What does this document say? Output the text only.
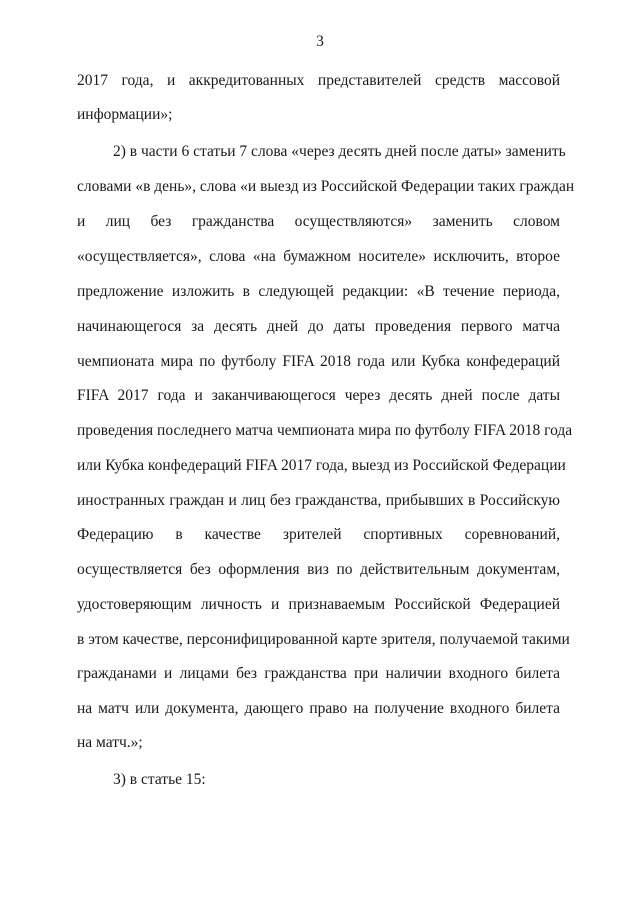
3
2017 года, и аккредитованных представителей средств массовой
информации»;
2) в части 6 статьи 7 слова «через десять дней после даты» заменить
словами «в день», слова «и выезд из Российской Федерации таких граждан
и лиц без гражданства осуществляются» заменить словом
«осуществляется», слова «на бумажном носителе» исключить, второе
предложение изложить в следующей редакции: «В течение периода,
начинающегося за десять дней до даты проведения первого матча
чемпионата мира по футболу FIFA 2018 года или Кубка конфедераций
FIFA 2017 года и заканчивающегося через десять дней после даты
проведения последнего матча чемпионата мира по футболу FIFA 2018 года
или Кубка конфедераций FIFA 2017 года, выезд из Российской Федерации
иностранных граждан и лиц без гражданства, прибывших в Российскую
Федерацию в качестве зрителей спортивных соревнований,
осуществляется без оформления виз по действительным документам,
удостоверяющим личность и признаваемым Российской Федерацией
в этом качестве, персонифицированной карте зрителя, получаемой такими
гражданами и лицами без гражданства при наличии входного билета
на матч или документа, дающего право на получение входного билета
на матч.»;
3) в статье 15:
